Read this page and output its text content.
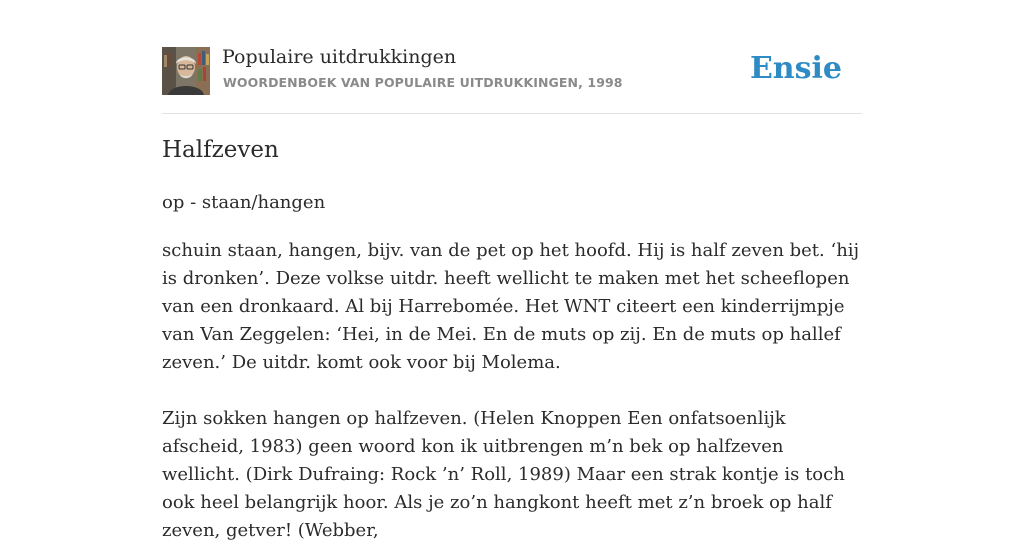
Populaire uitdrukkingen
WOORDENBOEK VAN POPULAIRE UITDRUKKINGEN, 1998	Ensie
Halfzeven
op - staan/hangen

schuin staan, hangen, bijv. van de pet op het hoofd. Hij is half zeven bet. ‘hij is dronken’. Deze volkse uitdr. heeft wellicht te maken met het scheeflopen van een dronkaard. Al bij Harrebomée. Het WNT citeert een kinderrijmpje van Van Zeggelen: ‘Hei, in de Mei. En de muts op zij. En de muts op hallef zeven.’ De uitdr. komt ook voor bij Molema.

Zijn sokken hangen op halfzeven. (Helen Knoppen Een onfatsoenlijk afscheid, 1983) geen woord kon ik uitbrengen m’n bek op halfzeven wellicht. (Dirk Dufraing: Rock ’n’ Roll, 1989) Maar een strak kontje is toch ook heel belangrijk hoor. Als je zo’n hangkont heeft met z’n broek op half zeven, getver! (Webber,
